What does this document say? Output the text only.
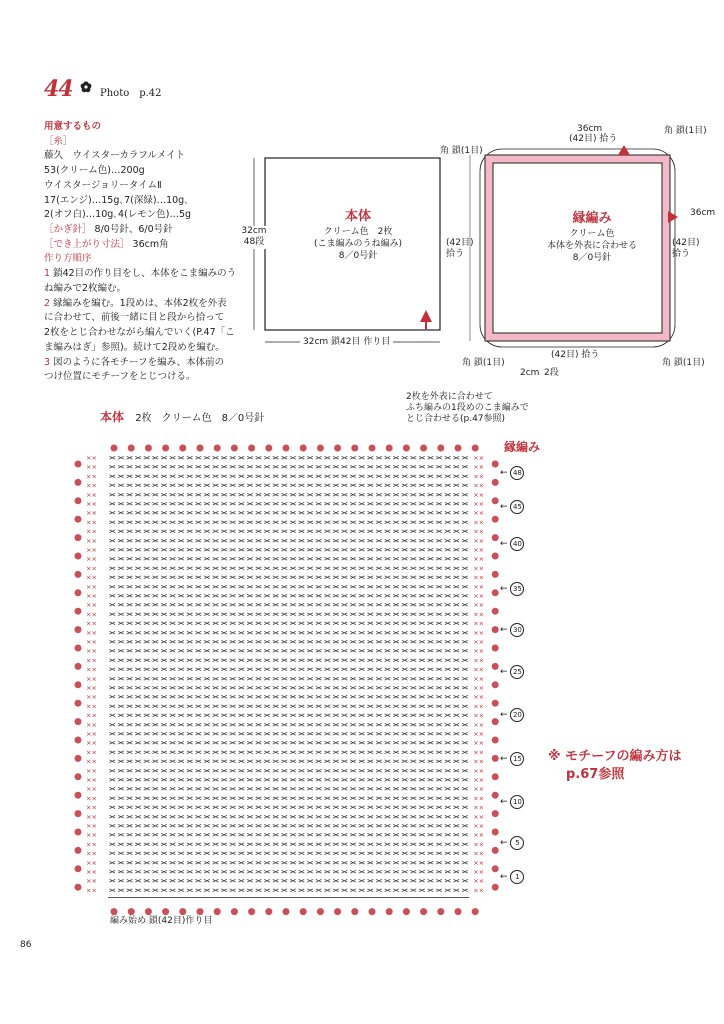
44	Photo　p.42

用意するもの

［糸］

藤久　ウイスターカラフルメイト

53(クリーム色)…200g

ウイスタージョリータイムⅡ

17(エンジ)…15g､7(深緑)…10g､

2(オフ白)…10g､4(レモン色)…5g

［かぎ針］ 8/0号針、6/0号針

［でき上がり寸法］ 36cm角

作り方順序

1 鎖42目の作り目をし、本体をこま編みのう

ね編みで2枚編む。

2 縁編みを編む。1段めは、本体2枚を外表

に合わせて、前後一緒に目と段から拾って

2枚をとじ合わせながら編んでいく(P.47「こ

ま編みはぎ」参照)。続けて2段めを編む。

3 図のように各モチーフを編み、本体前の

つけ位置にモチーフをとじつける。

本体
クリーム色　2枚
(こま編みのうね編み)
8／0号針
32cm
48段
32cm 鎖42目 作り目
36cm
(42目) 拾う
36cm
(42目) 拾う
(42目) 拾う
(42目) 拾う
角 鎖(1目)
角 鎖(1目)
角 鎖(1目)	角 鎖(1目)
2cm 2段
縁編み
クリーム色
本体を外表に合わせる
8／0号針
本体 2枚　クリーム色　8／0号針
2枚を外表に合わせて
ふち編みの1段めのこま編みで
とじ合わせる(p.47参照)
縁編み
編み始め 鎖(42目)作り目
××××××××××××××××××××××××××××××××××××××××××
××××××××××××××××××××××××××××××××××××××××××
××××××××××××××××××××××××××××××××××××××××××
××××××××××××××××××××××××××××××××××××××××××
××××××××××××××××××××××××××××××××××××××××××
××××××××××××××××××××××××××××××××××××××××××
××××××××××××××××××××××××××××××××××××××××××
××××××××××××××××××××××××××××××××××××××××××
××××××××××××××××××××××××××××××××××××××××××
××××××××××××××××××××××××××××××××××××××××××
××××××××××××××××××××××××××××××××××××××××××
××××××××××××××××××××××××××××××××××××××××××
××××××××××××××××××××××××××××××××××××××××××
××××××××××××××××××××××××××××××××××××××××××
××××××××××××××××××××××××××××××××××××××××××
××××××××××××××××××××××××××××××××××××××××××
××××××××××××××××××××××××××××××××××××××××××
××××××××××××××××××××××××××××××××××××××××××
××××××××××××××××××××××××××××××××××××××××××
××××××××××××××××××××××××××××××××××××××××××
××××××××××××××××××××××××××××××××××××××××××
××××××××××××××××××××××××××××××××××××××××××
××××××××××××××××××××××××××××××××××××××××××
××××××××××××××××××××××××××××××××××××××××××
××××××××××××××××××××××××××××××××××××××××××
××××××××××××××××××××××××××××××××××××××××××
××××××××××××××××××××××××××××××××××××××××××
××××××××××××××××××××××××××××××××××××××××××
××××××××××××××××××××××××××××××××××××××××××
××××××××××××××××××××××××××××××××××××××××××
××××××××××××××××××××××××××××××××××××××××××
××××××××××××××××××××××××××××××××××××××××××
××××××××××××××××××××××××××××××××××××××××××
××××××××××××××××××××××××××××××××××××××××××
××××××××××××××××××××××××××××××××××××××××××
××××××××××××××××××××××××××××××××××××××××××
××××××××××××××××××××××××××××××××××××××××××
××××××××××××××××××××××××××××××××××××××××××
××××××××××××××××××××××××××××××××××××××××××
××××××××××××××××××××××××××××××××××××××××××
××××××××××××××××××××××××××××××××××××××××××
××××××××××××××××××××××××××××××××××××××××××
××××××××××××××××××××××××××××××××××××××××××
××××××××××××××××××××××××××××××××××××××××××
××××××××××××××××××××××××××××××××××××××××××
××××××××××××××××××××××××××××××××××××××××××
××××××××××××××××××××××××××××××××××××××××××
××××××××××××××××××××××××××××××××××××××××××
××	××
××	××
××	××
××	××
××	××
××	××
××	××
××	××
××	××
××	××
××	××
××	××
××	××
××	××
××	××
××	××
××	××
××	××
××	××
××	××
××	××
××	××
××	××
××	××
××	××
××	××
××	××
××	××
××	××
××	××
××	××
××	××
××	××
××	××
××	××
××	××
××	××
××	××
××	××
××	××
××	××
××	××
××	××
××	××
××	××
××	××
××	××
××	××
← 48
← 45
← 40
← 35
← 30
← 25
← 20
← 15
← 10
← 5
← 1
※ モチーフの編み方は
p.67参照
86
